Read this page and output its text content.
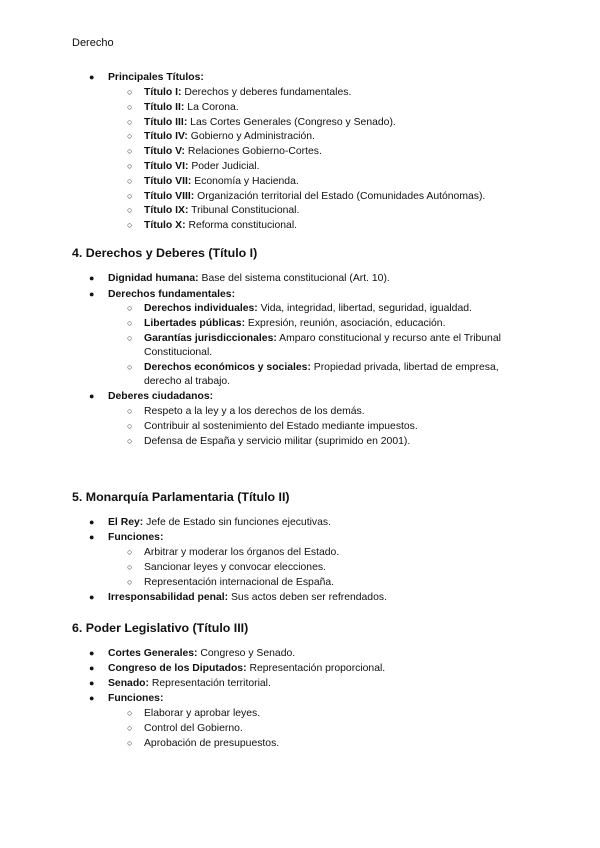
Derecho
● Principales Títulos:
○ Título I: Derechos y deberes fundamentales.
○ Título II: La Corona.
○ Título III: Las Cortes Generales (Congreso y Senado).
○ Título IV: Gobierno y Administración.
○ Título V: Relaciones Gobierno-Cortes.
○ Título VI: Poder Judicial.
○ Título VII: Economía y Hacienda.
○ Título VIII: Organización territorial del Estado (Comunidades Autónomas).
○ Título IX: Tribunal Constitucional.
○ Título X: Reforma constitucional.
4. Derechos y Deberes (Título I)
● Dignidad humana: Base del sistema constitucional (Art. 10).
● Derechos fundamentales:
○ Derechos individuales: Vida, integridad, libertad, seguridad, igualdad.
○ Libertades públicas: Expresión, reunión, asociación, educación.
○ Garantías jurisdiccionales: Amparo constitucional y recurso ante el Tribunal
Constitucional.
○ Derechos económicos y sociales: Propiedad privada, libertad de empresa,
derecho al trabajo.
● Deberes ciudadanos:
○ Respeto a la ley y a los derechos de los demás.
○ Contribuir al sostenimiento del Estado mediante impuestos.
○ Defensa de España y servicio militar (suprimido en 2001).
5. Monarquía Parlamentaria (Título II)
● El Rey: Jefe de Estado sin funciones ejecutivas.
● Funciones:
○ Arbitrar y moderar los órganos del Estado.
○ Sancionar leyes y convocar elecciones.
○ Representación internacional de España.
● Irresponsabilidad penal: Sus actos deben ser refrendados.
6. Poder Legislativo (Título III)
● Cortes Generales: Congreso y Senado.
● Congreso de los Diputados: Representación proporcional.
● Senado: Representación territorial.
● Funciones:
○ Elaborar y aprobar leyes.
○ Control del Gobierno.
○ Aprobación de presupuestos.
